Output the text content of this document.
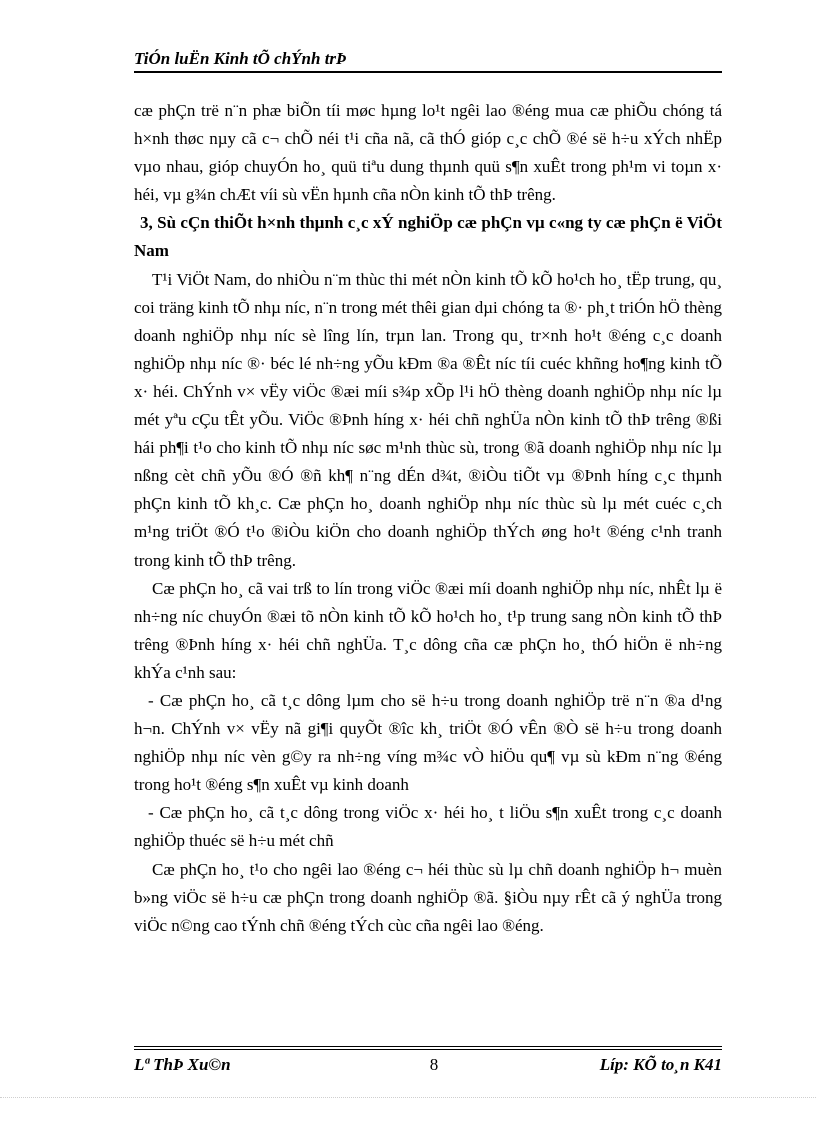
TiÓn luËn Kinh tÕ chÝnh trÞ

cæ phÇn trë n¨n phæ biÕn tíi møc hµng lo¹t ngêi lao ®éng mua cæ phiÕu chóng tá h×nh thøc nµy cã c¬ chÕ néi t¹i cña nã, cã thÓ gióp c¸c chÕ ®é së h÷u xÝch nhËp vµo nhau, gióp chuyÓn ho¸ quü tiªu dung thµnh quü s¶n xuÊt trong ph¹m vi toµn x· héi, vµ g¾n chÆt víi sù vËn hµnh cña nÒn kinh tÕ thÞ trêng.

3, Sù cÇn thiÕt h×nh thµnh c¸c xÝ nghiÖp cæ phÇn vµ c«ng ty cæ phÇn ë ViÖt Nam

T¹i ViÖt Nam, do nhiÒu n¨m thùc thi mét nÒn kinh tÕ kÕ ho¹ch ho¸ tËp trung, qu¸ coi träng kinh tÕ nhµ níc, n¨n trong mét thêi gian dµi chóng ta ®· ph¸t triÓn hÖ thèng doanh nghiÖp nhµ níc sè lîng lín, trµn lan. Trong qu¸ tr×nh ho¹t ®éng c¸c doanh nghiÖp nhµ níc ®· béc lé nh÷ng yÕu kÐm ®a ®Êt níc tíi cuéc khñng ho¶ng kinh tÕ x· héi. ChÝnh v× vËy viÖc ®æi míi s¾p xÕp l¹i hÖ thèng doanh nghiÖp nhµ níc lµ mét yªu cÇu tÊt yÕu. ViÖc ®Þnh híng x· héi chñ nghÜa nÒn kinh tÕ thÞ trêng ®ßi hái ph¶i t¹o cho kinh tÕ nhµ níc søc m¹nh thùc sù, trong ®ã doanh nghiÖp nhµ níc lµ nßng cèt chñ yÕu ®Ó ®ñ kh¶ n¨ng dÉn d¾t, ®iÒu tiÕt vµ ®Þnh híng c¸c thµnh phÇn kinh tÕ kh¸c. Cæ phÇn ho¸ doanh nghiÖp nhµ níc thùc sù lµ mét cuéc c¸ch m¹ng triÖt ®Ó t¹o ®iÒu kiÖn cho doanh nghiÖp thÝch øng ho¹t ®éng c¹nh tranh trong kinh tÕ thÞ trêng.

Cæ phÇn ho¸ cã vai trß to lín trong viÖc ®æi míi doanh nghiÖp nhµ níc, nhÊt lµ ë nh÷ng níc chuyÓn ®æi tõ nÒn kinh tÕ kÕ ho¹ch ho¸ t¹p trung sang nÒn kinh tÕ thÞ trêng ®Þnh híng x· héi chñ nghÜa. T¸c dông cña cæ phÇn ho¸ thÓ hiÖn ë nh÷ng khÝa c¹nh sau:

- Cæ phÇn ho¸ cã t¸c dông lµm cho së h÷u trong doanh nghiÖp trë n¨n ®a d¹ng h¬n. ChÝnh v× vËy nã gi¶i quyÕt ®îc kh¸ triÖt ®Ó vÊn ®Ò së h÷u trong doanh nghiÖp nhµ níc vèn g©y ra nh÷ng víng m¾c vÒ hiÖu qu¶ vµ sù kÐm n¨ng ®éng trong ho¹t ®éng s¶n xuÊt vµ kinh doanh

- Cæ phÇn ho¸ cã t¸c dông trong viÖc x· héi ho¸ t liÖu s¶n xuÊt trong c¸c doanh nghiÖp thuéc së h÷u mét chñ

Cæ phÇn ho¸ t¹o cho ngêi lao ®éng c¬ héi thùc sù lµ chñ doanh nghiÖp h¬ muèn b»ng viÖc së h÷u cæ phÇn trong doanh nghiÖp ®ã. §iÒu nµy rÊt cã ý nghÜa trong viÖc n©ng cao tÝnh chñ ®éng tÝch cùc cña ngêi lao ®éng.

Lª ThÞ Xu©n	8	Líp: KÕ to¸n K41
